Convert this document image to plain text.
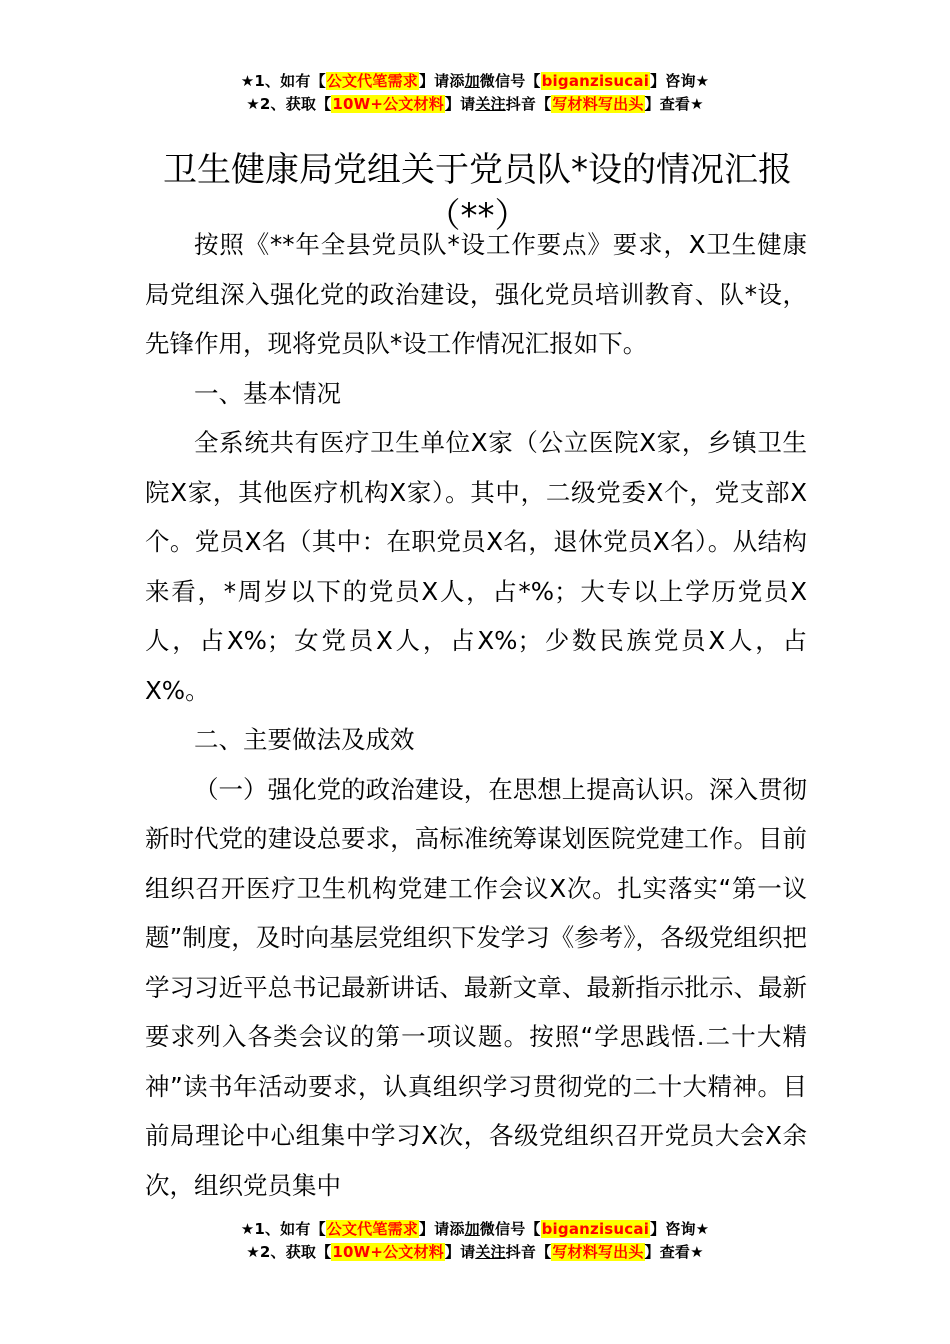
★1、如有【公文代笔需求】请添加微信号【biganzisucai】咨询★
★2、获取【10W+公文材料】请关注抖音【写材料写出头】查看★
卫生健康局党组关于党员队*设的情况汇报（**）

按照《**年全县党员队*设工作要点》要求，X卫生健康局党组深入强化党的政治建设，强化党员培训教育、队*设，先锋作用，现将党员队*设工作情况汇报如下。

一、基本情况

全系统共有医疗卫生单位X家（公立医院X家，乡镇卫生院X家，其他医疗机构X家）。其中，二级党委X个，党支部X个。党员X名（其中：在职党员X名，退休党员X名）。从结构来看，*周岁以下的党员X人，占*%；大专以上学历党员X人，占X%；女党员X人，占X%；少数民族党员X人，占X%。

二、主要做法及成效

（一）强化党的政治建设，在思想上提高认识。深入贯彻新时代党的建设总要求，高标准统筹谋划医院党建工作。目前组织召开医疗卫生机构党建工作会议X次。扎实落实“第一议题”制度，及时向基层党组织下发学习《参考》，各级党组织把学习习近平总书记最新讲话、最新文章、最新指示批示、最新要求列入各类会议的第一项议题。按照“学思践悟.二十大精神”读书年活动要求，认真组织学习贯彻党的二十大精神。目前局理论中心组集中学习X次，各级党组织召开党员大会X余次，组织党员集中

★1、如有【公文代笔需求】请添加微信号【biganzisucai】咨询★
★2、获取【10W+公文材料】请关注抖音【写材料写出头】查看★
